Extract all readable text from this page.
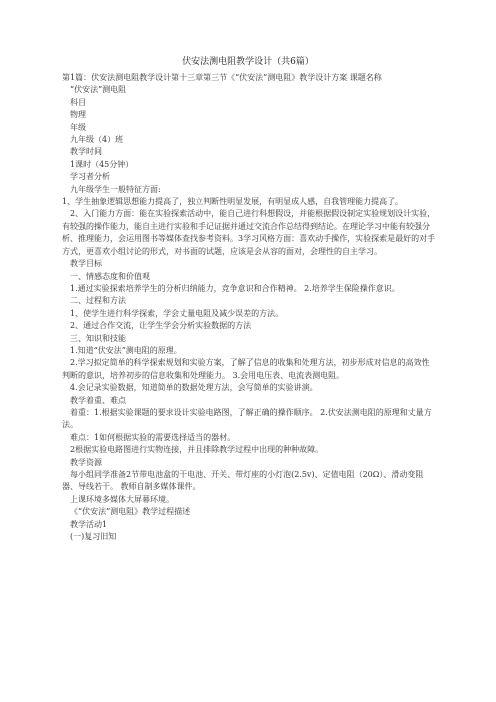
伏安法测电阻教学设计（共6篇）

第1篇：伏安法测电阻教学设计第十三章第三节《“伏安法”测电阻》教学设计方案 课题名称

“伏安法”测电阻

科目

物理

年级

九年级（4）班

教学时间

1课时（45分钟）

学习者分析

九年级学生一般特征方面:

1、学生抽象逻辑思想能力提高了，独立判断性明显发展，有明显成人感，自我管理能力提高了。

2、入门能力方面：能在实验探索活动中，能自己进行科想假设，并能根据假设制定实验规划设计实验，有较强的操作能力，能自主进行实验和手记证据并通过交流合作总结得到结论。在理论学习中能有较强分析、推理能力，会运用图书等媒体查找参考资料。3学习风格方面：喜欢动手操作，实验探索是最好的对手方式，更喜欢小组讨论的形式，对书面的试题，应该是会从容的面对，会理性的自主学习。

教学目标

一、情感态度和价值观

1.通过实验探索培养学生的分析归纳能力，竞争意识和合作精神。 2.培养学生保险操作意识。

二、过程和方法

1、使学生进行科学探索，学会丈量电阻及减少误差的方法。

2、通过合作交流，让学生学会分析实验数据的方法

三、知识和技能

1.知道“伏安法”测电阻的原理。

2.学习拟定简单的科学探索规划和实验方案，了解了信息的收集和处理方法，初步形成对信息的高效性判断的意识，培养初步的信息收集和处理能力。 3.会用电压表、电流表测电阻。

4.会记录实验数据，知道简单的数据处理方法，会写简单的实验讲演。

教学着重、难点

着重：1.根据实验课题的要求设计实验电路图，了解正确的操作顺序。 2.伏安法测电阻的原理和丈量方法。

难点：1如何根据实验的需要选择适当的器材。

2根据实验电路图进行实物连接，并且排除教学过程中出现的种种故障。

教学资源

每小组同学准备2节带电池盒的干电池、开关、带灯座的小灯泡(2.5v)、定值电阻（20Ω）、滑动变阻器、导线若干。 教师自制多媒体课件。

上课环境多媒体大屏幕环境。

《“伏安法”测电阻》教学过程描述

教学活动1

(一)复习旧知
